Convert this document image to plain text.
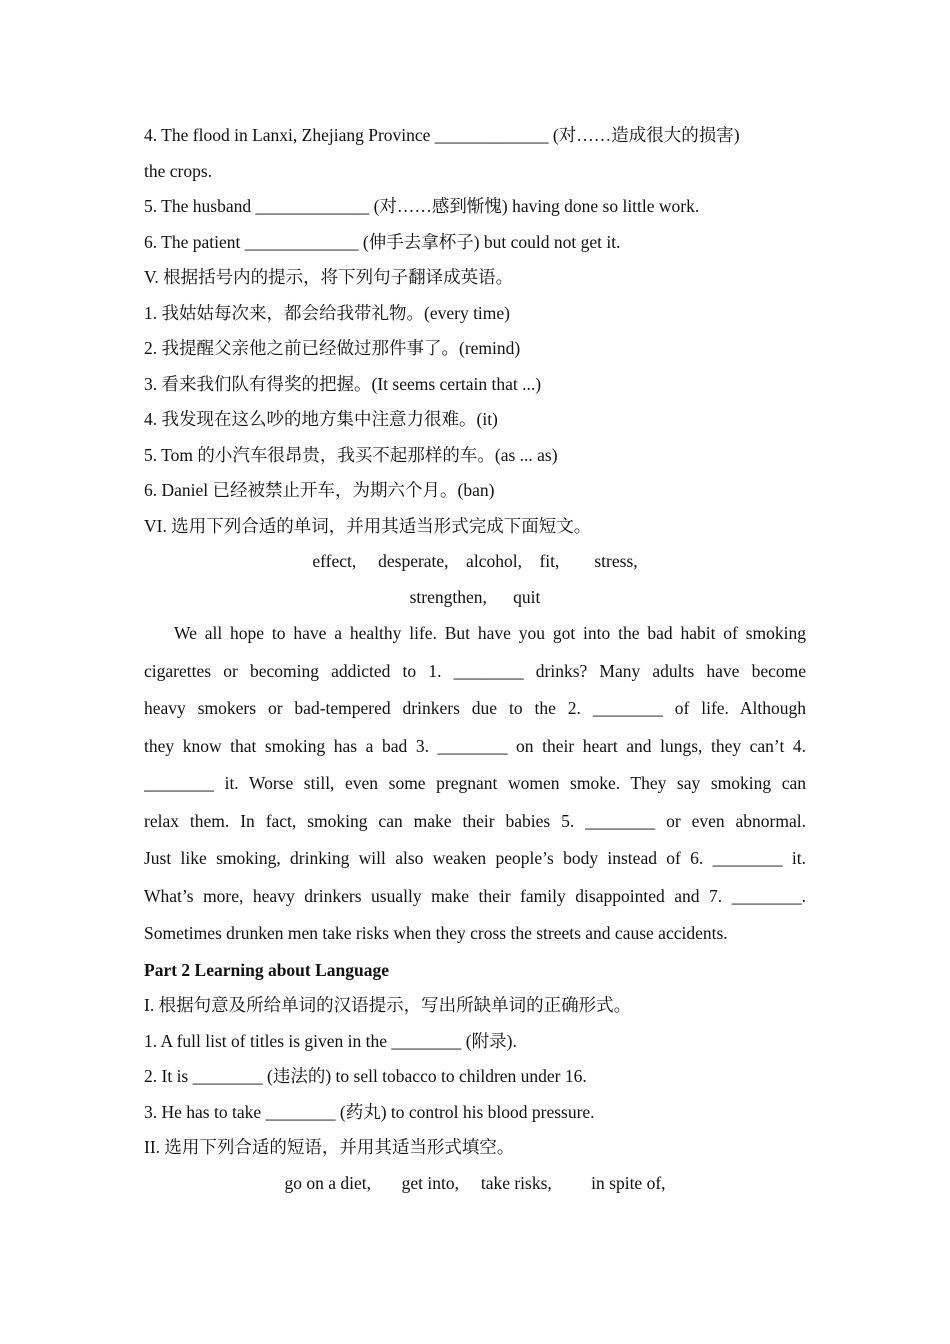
4. The flood in Lanxi, Zhejiang Province _____________ (对……造成很大的损害)
the crops.
5. The husband _____________ (对……感到惭愧) having done so little work.
6. The patient _____________ (伸手去拿杯子) but could not get it.
V. 根据括号内的提示，将下列句子翻译成英语。
1. 我姑姑每次来，都会给我带礼物。(every time)
2. 我提醒父亲他之前已经做过那件事了。(remind)
3. 看来我们队有得奖的把握。(It seems certain that ...)
4. 我发现在这么吵的地方集中注意力很难。(it)
5. Tom 的小汽车很昂贵，我买不起那样的车。(as ... as)
6. Daniel 已经被禁止开车，为期六个月。(ban)
VI. 选用下列合适的单词，并用其适当形式完成下面短文。
effect,     desperate,    alcohol,    fit,        stress,
strengthen,      quit
We all hope to have a healthy life. But have you got into the bad habit of smoking
cigarettes or becoming addicted to 1. ________ drinks? Many adults have become
heavy smokers or bad-tempered drinkers due to the 2. ________ of life. Although
they know that smoking has a bad 3. ________ on their heart and lungs, they can’t 4.
________ it. Worse still, even some pregnant women smoke. They say smoking can
relax them. In fact, smoking can make their babies 5. ________ or even abnormal.
Just like smoking, drinking will also weaken people’s body instead of 6. ________ it.
What’s more, heavy drinkers usually make their family disappointed and 7. ________.
Sometimes drunken men take risks when they cross the streets and cause accidents.
Part 2 Learning about Language
I. 根据句意及所给单词的汉语提示，写出所缺单词的正确形式。
1. A full list of titles is given in the ________ (附录).
2. It is ________ (违法的) to sell tobacco to children under 16.
3. He has to take ________ (药丸) to control his blood pressure.
II. 选用下列合适的短语，并用其适当形式填空。
go on a diet,       get into,     take risks,         in spite of,
